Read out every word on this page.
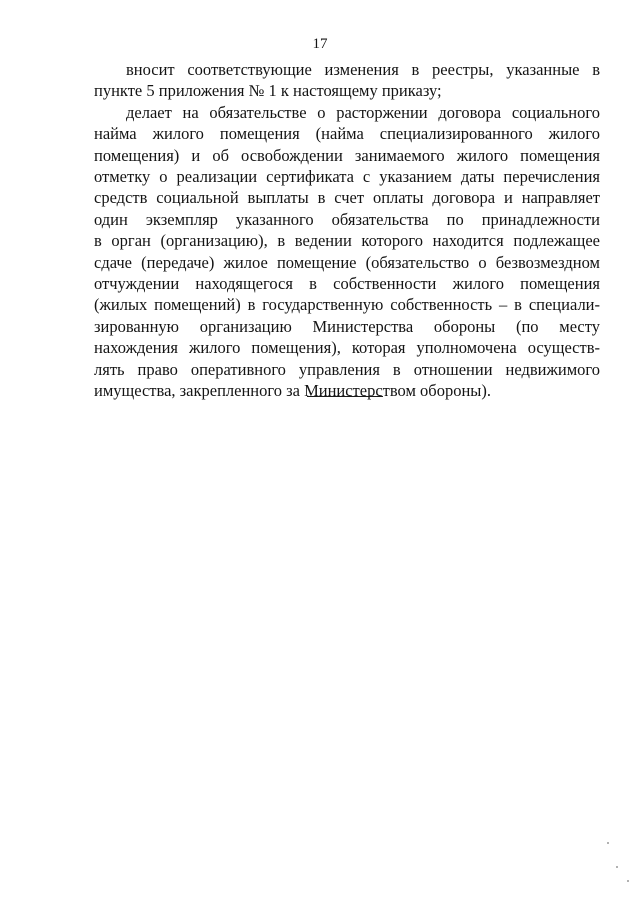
17

вносит соответствующие изменения в реестры, указанные в
пункте 5 приложения № 1 к настоящему приказу;

делает на обязательстве о расторжении договора социального
найма жилого помещения (найма специализированного жилого
помещения) и об освобождении занимаемого жилого помещения
отметку о реализации сертификата с указанием даты перечисления
средств социальной выплаты в счет оплаты договора и направляет
один экземпляр указанного обязательства по принадлежности
в орган (организацию), в ведении которого находится подлежащее
сдаче (передаче) жилое помещение (обязательство о безвозмездном
отчуждении находящегося в собственности жилого помещения
(жилых помещений) в государственную собственность – в специали-
зированную организацию Министерства обороны (по месту
нахождения жилого помещения), которая уполномочена осуществ-
лять право оперативного управления в отношении недвижимого
имущества, закрепленного за Министерством обороны).
